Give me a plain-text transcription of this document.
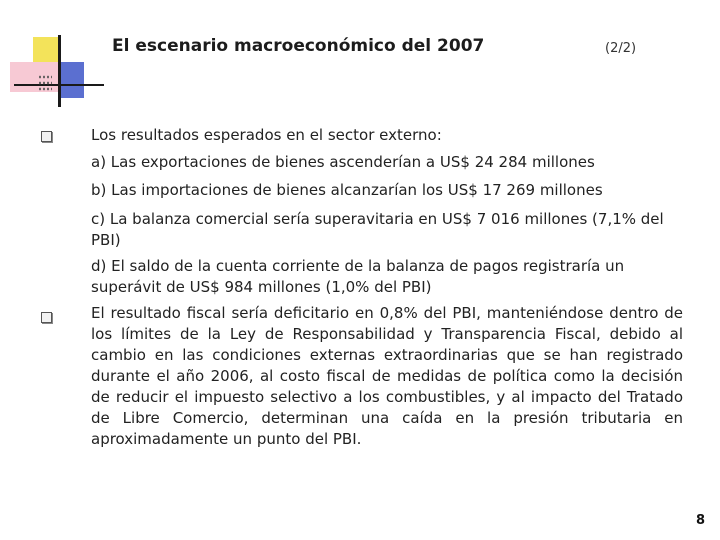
El escenario macroeconómico del 2007	(2/2)
Los resultados esperados en el sector externo:
a) Las exportaciones de bienes ascenderían a US$ 24 284 millones
b) Las importaciones de bienes alcanzarían los US$ 17 269 millones
c) La balanza comercial sería superavitaria en US$ 7 016 millones (7,1% del PBI)
d) El saldo de la cuenta corriente de la balanza de pagos registraría un superávit de US$ 984 millones (1,0% del PBI)
El resultado fiscal sería deficitario en 0,8% del PBI, manteniéndose dentro de los límites de la Ley de Responsabilidad y Transparencia Fiscal, debido al cambio en las condiciones externas extraordinarias que se han registrado durante el año 2006, al costo fiscal de medidas de política como la decisión de reducir el impuesto selectivo a los combustibles, y al impacto del Tratado de Libre Comercio, determinan una caída en la presión tributaria en aproximadamente un punto del PBI.
8
